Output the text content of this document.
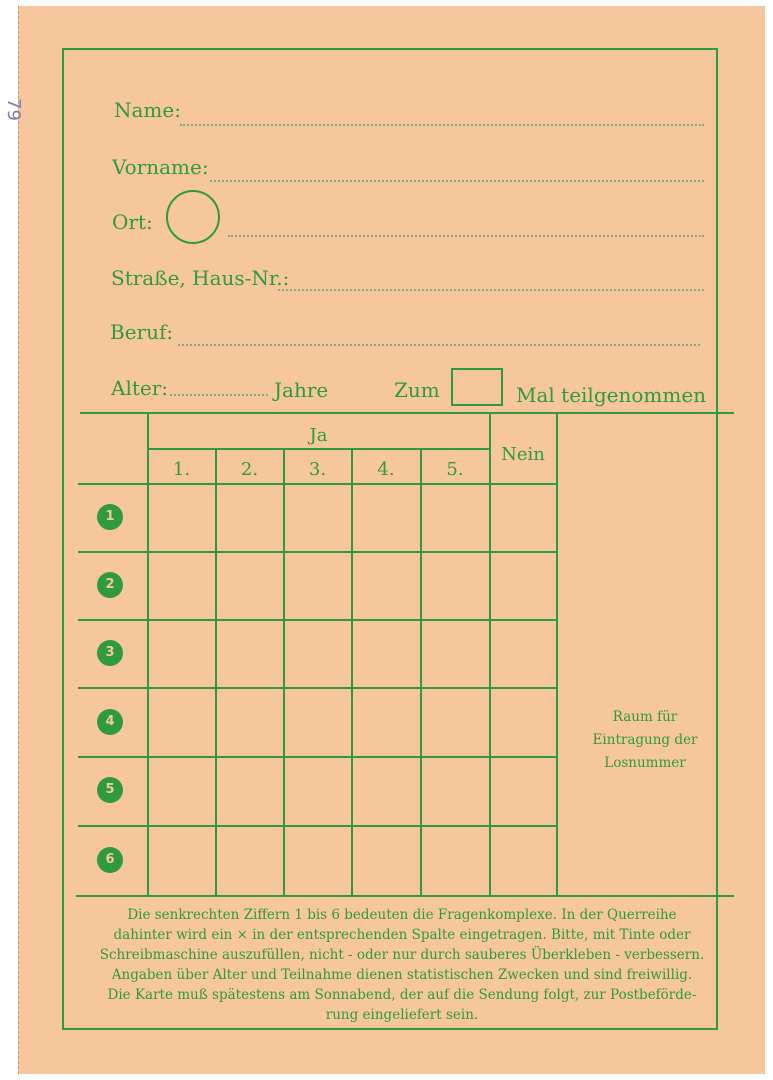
79	Name:
Vorname:
Ort:
Straße, Haus-Nr.:
Beruf:
Alter:	Jahre	Zum	Mal teilgenommen
Ja
Nein
1.	2.	3.	4.	5.
1
2
3
4
5
6
Raum für
Eintragung der
Losnummer
Die senkrechten Ziffern 1 bis 6 bedeuten die Fragenkomplexe. In der Querreihe
dahinter wird ein × in der entsprechenden Spalte eingetragen. Bitte, mit Tinte oder
Schreibmaschine auszufüllen, nicht - oder nur durch sauberes Überkleben - verbessern.
Angaben über Alter und Teilnahme dienen statistischen Zwecken und sind freiwillig.
Die Karte muß spätestens am Sonnabend, der auf die Sendung folgt, zur Postbeförde-
rung eingeliefert sein.
